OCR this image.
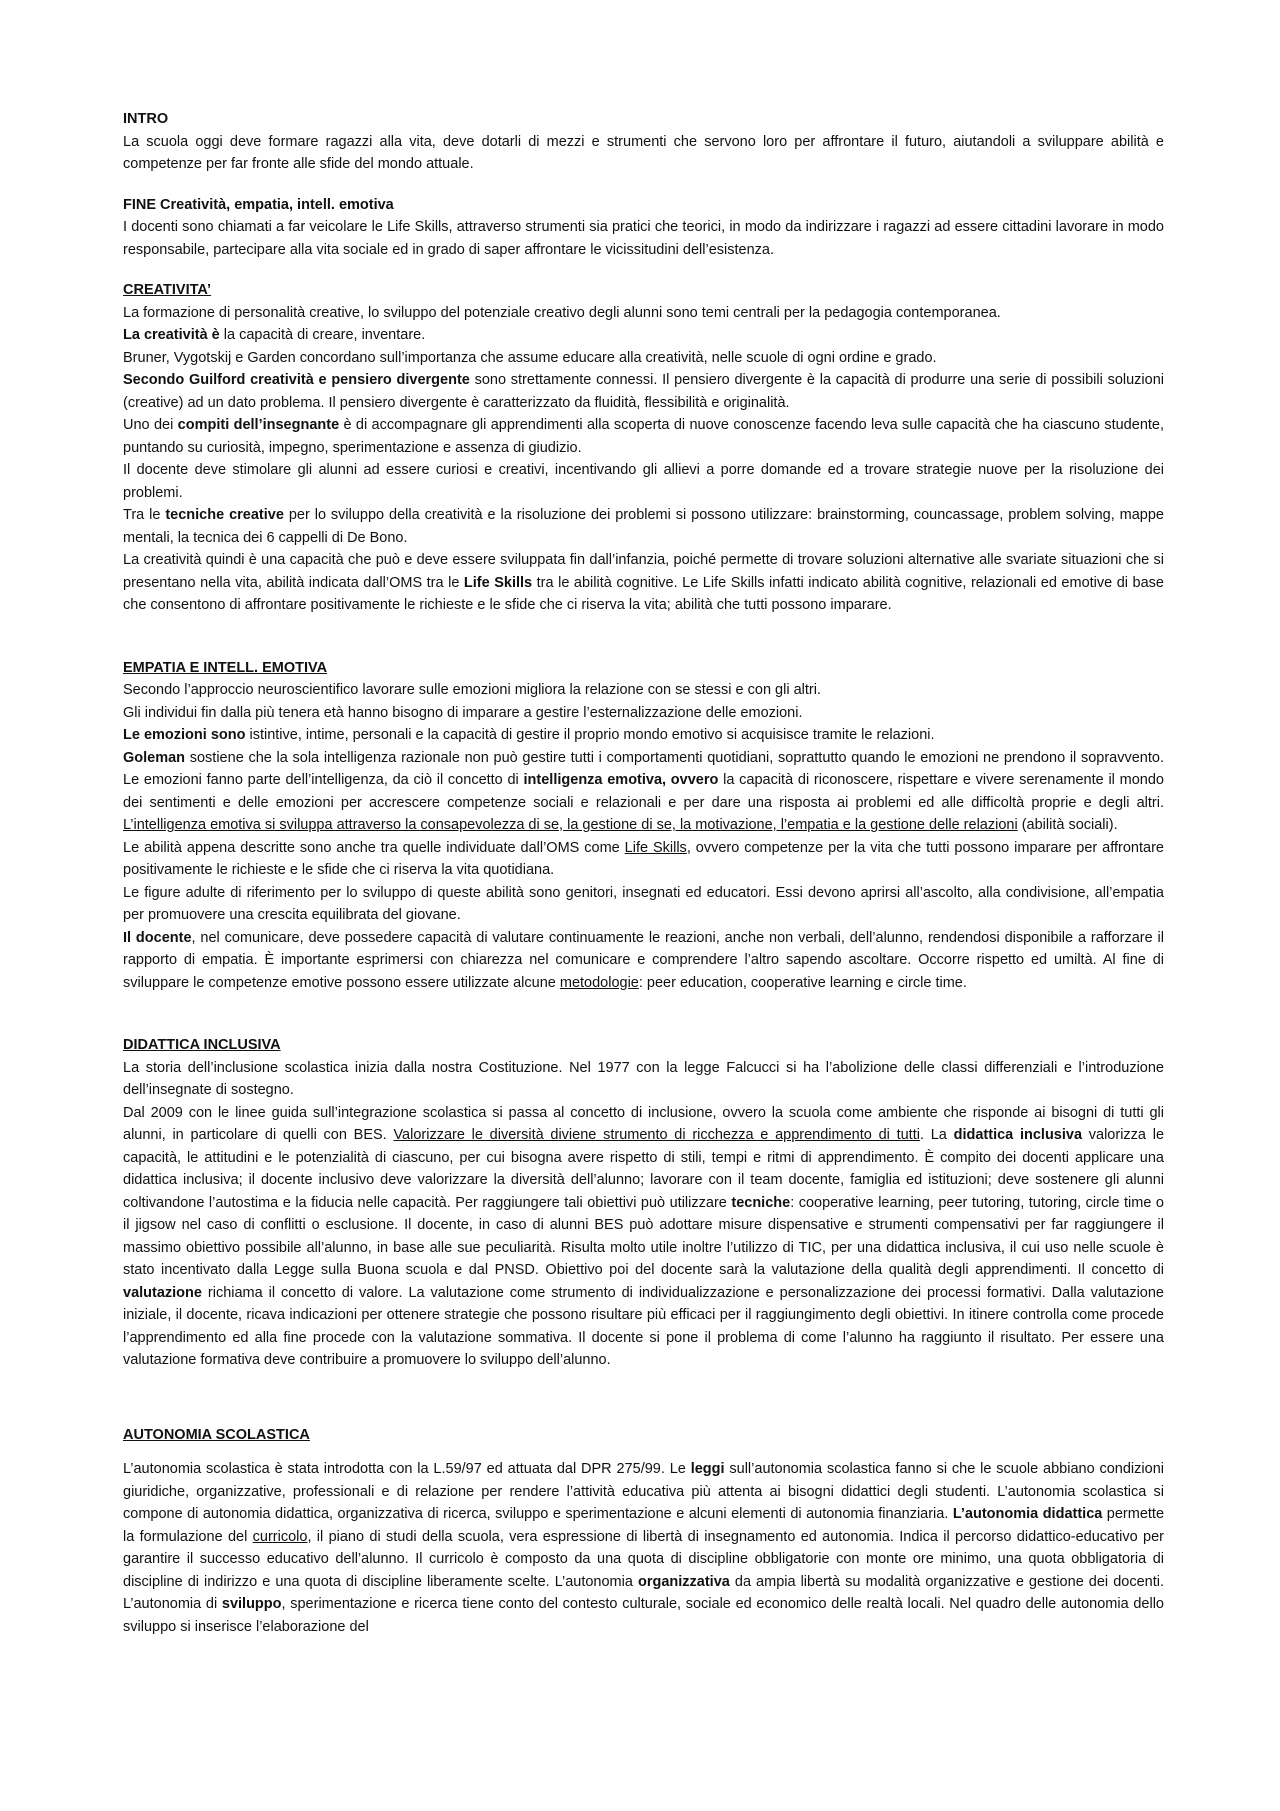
INTRO

La scuola oggi deve formare ragazzi alla vita, deve dotarli di mezzi e strumenti che servono loro per affrontare il futuro, aiutandoli a sviluppare abilità e competenze per far fronte alle sfide del mondo attuale.

FINE Creatività, empatia, intell. emotiva

I docenti sono chiamati a far veicolare le Life Skills, attraverso strumenti sia pratici che teorici, in modo da indirizzare i ragazzi ad essere cittadini lavorare in modo responsabile, partecipare alla vita sociale ed in grado di saper affrontare le vicissitudini dell’esistenza.

CREATIVITA’

La formazione di personalità creative, lo sviluppo del potenziale creativo degli alunni sono temi centrali per la pedagogia contemporanea.

La creatività è la capacità di creare, inventare.

Bruner, Vygotskij e Garden concordano sull’importanza che assume educare alla creatività, nelle scuole di ogni ordine e grado.

Secondo Guilford creatività e pensiero divergente sono strettamente connessi. Il pensiero divergente è la capacità di produrre una serie di possibili soluzioni (creative) ad un dato problema. Il pensiero divergente è caratterizzato da fluidità, flessibilità e originalità.

Uno dei compiti dell’insegnante è di accompagnare gli apprendimenti alla scoperta di nuove conoscenze facendo leva sulle capacità che ha ciascuno studente, puntando su curiosità, impegno, sperimentazione e assenza di giudizio.

Il docente deve stimolare gli alunni ad essere curiosi e creativi, incentivando gli allievi a porre domande ed a trovare strategie nuove per la risoluzione dei problemi.

Tra le tecniche creative per lo sviluppo della creatività e la risoluzione dei problemi si possono utilizzare: brainstorming, councassage, problem solving, mappe mentali, la tecnica dei 6 cappelli di De Bono.

La creatività quindi è una capacità che può e deve essere sviluppata fin dall’infanzia, poiché permette di trovare soluzioni alternative alle svariate situazioni che si presentano nella vita, abilità indicata dall’OMS tra le Life Skills tra le abilità cognitive. Le Life Skills infatti indicato abilità cognitive, relazionali ed emotive di base che consentono di affrontare positivamente le richieste e le sfide che ci riserva la vita; abilità che tutti possono imparare.

EMPATIA E INTELL. EMOTIVA

Secondo l’approccio neuroscientifico lavorare sulle emozioni migliora la relazione con se stessi e con gli altri.

Gli individui fin dalla più tenera età hanno bisogno di imparare a gestire l’esternalizzazione delle emozioni.

Le emozioni sono istintive, intime, personali e la capacità di gestire il proprio mondo emotivo si acquisisce tramite le relazioni.

Goleman sostiene che la sola intelligenza razionale non può gestire tutti i comportamenti quotidiani, soprattutto quando le emozioni ne prendono il sopravvento. Le emozioni fanno parte dell’intelligenza, da ciò il concetto di intelligenza emotiva, ovvero la capacità di riconoscere, rispettare e vivere serenamente il mondo dei sentimenti e delle emozioni per accrescere competenze sociali e relazionali e per dare una risposta ai problemi ed alle difficoltà proprie e degli altri. L’intelligenza emotiva si sviluppa attraverso la consapevolezza di se, la gestione di se, la motivazione, l’empatia e la gestione delle relazioni (abilità sociali).

Le abilità appena descritte sono anche tra quelle individuate dall’OMS come Life Skills, ovvero competenze per la vita che tutti possono imparare per affrontare positivamente le richieste e le sfide che ci riserva la vita quotidiana.

Le figure adulte di riferimento per lo sviluppo di queste abilità sono genitori, insegnati ed educatori. Essi devono aprirsi all’ascolto, alla condivisione, all’empatia per promuovere una crescita equilibrata del giovane.

Il docente, nel comunicare, deve possedere capacità di valutare continuamente le reazioni, anche non verbali, dell’alunno, rendendosi disponibile a rafforzare il rapporto di empatia. È importante esprimersi con chiarezza nel comunicare e comprendere l’altro sapendo ascoltare. Occorre rispetto ed umiltà. Al fine di sviluppare le competenze emotive possono essere utilizzate alcune metodologie: peer education, cooperative learning e circle time.

DIDATTICA INCLUSIVA

La storia dell’inclusione scolastica inizia dalla nostra Costituzione. Nel 1977 con la legge Falcucci si ha l’abolizione delle classi differenziali e l’introduzione dell’insegnate di sostegno.

Dal 2009 con le linee guida sull’integrazione scolastica si passa al concetto di inclusione, ovvero la scuola come ambiente che risponde ai bisogni di tutti gli alunni, in particolare di quelli con BES. Valorizzare le diversità diviene strumento di ricchezza e apprendimento di tutti. La didattica inclusiva valorizza le capacità, le attitudini e le potenzialità di ciascuno, per cui bisogna avere rispetto di stili, tempi e ritmi di apprendimento. È compito dei docenti applicare una didattica inclusiva; il docente inclusivo deve valorizzare la diversità dell’alunno; lavorare con il team docente, famiglia ed istituzioni; deve sostenere gli alunni coltivandone l’autostima e la fiducia nelle capacità. Per raggiungere tali obiettivi può utilizzare tecniche: cooperative learning, peer tutoring, tutoring, circle time o il jigsow nel caso di conflitti o esclusione. Il docente, in caso di alunni BES può adottare misure dispensative e strumenti compensativi per far raggiungere il massimo obiettivo possibile all’alunno, in base alle sue peculiarità. Risulta molto utile inoltre l’utilizzo di TIC, per una didattica inclusiva, il cui uso nelle scuole è stato incentivato dalla Legge sulla Buona scuola e dal PNSD. Obiettivo poi del docente sarà la valutazione della qualità degli apprendimenti. Il concetto di valutazione richiama il concetto di valore. La valutazione come strumento di individualizzazione e personalizzazione dei processi formativi. Dalla valutazione iniziale, il docente, ricava indicazioni per ottenere strategie che possono risultare più efficaci per il raggiungimento degli obiettivi. In itinere controlla come procede l’apprendimento ed alla fine procede con la valutazione sommativa. Il docente si pone il problema di come l’alunno ha raggiunto il risultato. Per essere una valutazione formativa deve contribuire a promuovere lo sviluppo dell’alunno.

AUTONOMIA SCOLASTICA

L’autonomia scolastica è stata introdotta con la L.59/97 ed attuata dal DPR 275/99. Le leggi sull’autonomia scolastica fanno si che le scuole abbiano condizioni giuridiche, organizzative, professionali e di relazione per rendere l’attività educativa più attenta ai bisogni didattici degli studenti. L’autonomia scolastica si compone di autonomia didattica, organizzativa di ricerca, sviluppo e sperimentazione e alcuni elementi di autonomia finanziaria. L’autonomia didattica permette la formulazione del curricolo, il piano di studi della scuola, vera espressione di libertà di insegnamento ed autonomia. Indica il percorso didattico-educativo per garantire il successo educativo dell’alunno. Il curricolo è composto da una quota di discipline obbligatorie con monte ore minimo, una quota obbligatoria di discipline di indirizzo e una quota di discipline liberamente scelte. L’autonomia organizzativa da ampia libertà su modalità organizzative e gestione dei docenti. L’autonomia di sviluppo, sperimentazione e ricerca tiene conto del contesto culturale, sociale ed economico delle realtà locali. Nel quadro delle autonomia dello sviluppo si inserisce l’elaborazione del
